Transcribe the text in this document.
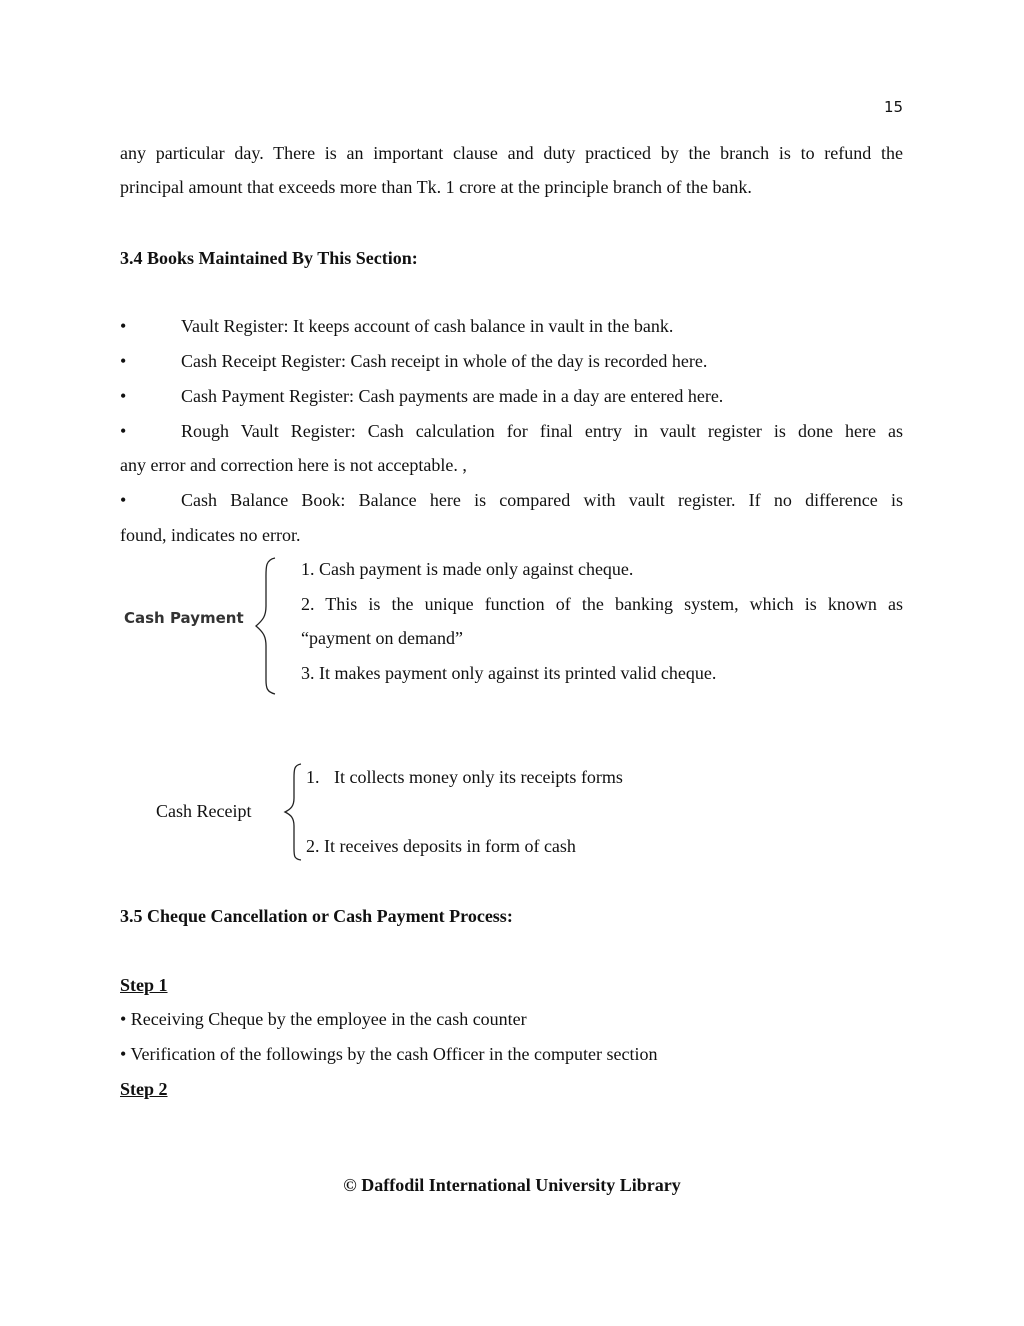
15
any particular day. There is an important clause and duty practiced by the branch is to refund the
principal amount that exceeds more than Tk. 1 crore at the principle branch of the bank.
3.4 Books Maintained By This Section:
•	Vault Register: It keeps account of cash balance in vault in the bank.
•	Cash Receipt Register: Cash receipt in whole of the day is recorded here.
•	Cash Payment Register: Cash payments are made in a day are entered here.
•	Rough Vault Register: Cash calculation for final entry in vault register is done here as
any error and correction here is not acceptable. ,
•	Cash Balance Book: Balance here is compared with vault register. If no difference is
found, indicates no error.
Cash Payment
1. Cash payment is made only against cheque.
2. This is the unique function of the banking system, which is known as
“payment on demand”
3. It makes payment only against its printed valid cheque.
Cash Receipt
1. It collects money only its receipts forms
2. It receives deposits in form of cash
3.5 Cheque Cancellation or Cash Payment Process:
Step 1
• Receiving Cheque by the employee in the cash counter
• Verification of the followings by the cash Officer in the computer section
Step 2
© Daffodil International University Library
